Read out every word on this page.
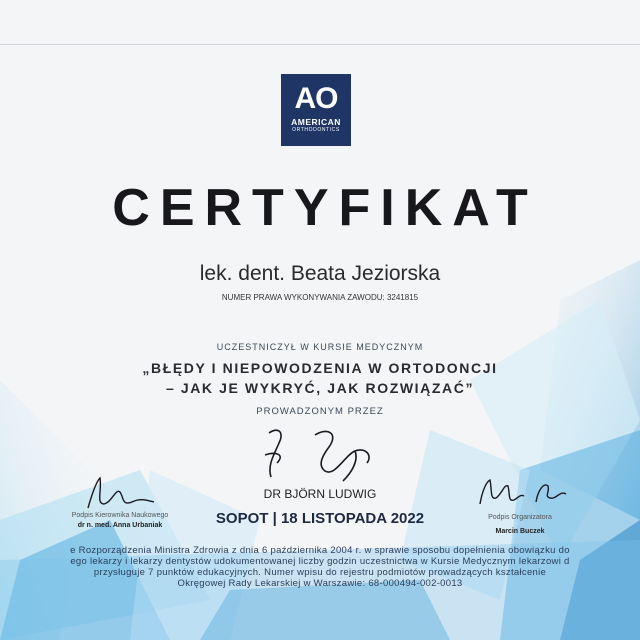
AO
AMERICAN
ORTHODONTICS
CERTYFIKAT
lek. dent. Beata Jeziorska
NUMER PRAWA WYKONYWANIA ZAWODU: 3241815
UCZESTNICZYŁ W KURSIE MEDYCZNYM
„BŁĘDY I NIEPOWODZENIA W ORTODONCJI
– JAK JE WYKRYĆ, JAK ROZWIĄZAĆ”
PROWADZONYM PRZEZ
DR BJÖRN LUDWIG
Podpis Kierownika Naukowego
dr n. med. Anna Urbaniak
Podpis Organizatora
Marcin Buczek
SOPOT | 18 LISTOPADA 2022
e Rozporządzenia Ministra Zdrowia z dnia 6 października 2004 r. w sprawie sposobu dopełnienia obowiązku do
ego lekarzy i lekarzy dentystów udokumentowanej liczby godzin uczestnictwa w Kursie Medycznym lekarzowi d
przysługuje 7 punktów edukacyjnych. Numer wpisu do rejestru podmiotów prowadzących kształcenie
Okręgowej Rady Lekarskiej w Warszawie: 68-000494-002-0013
